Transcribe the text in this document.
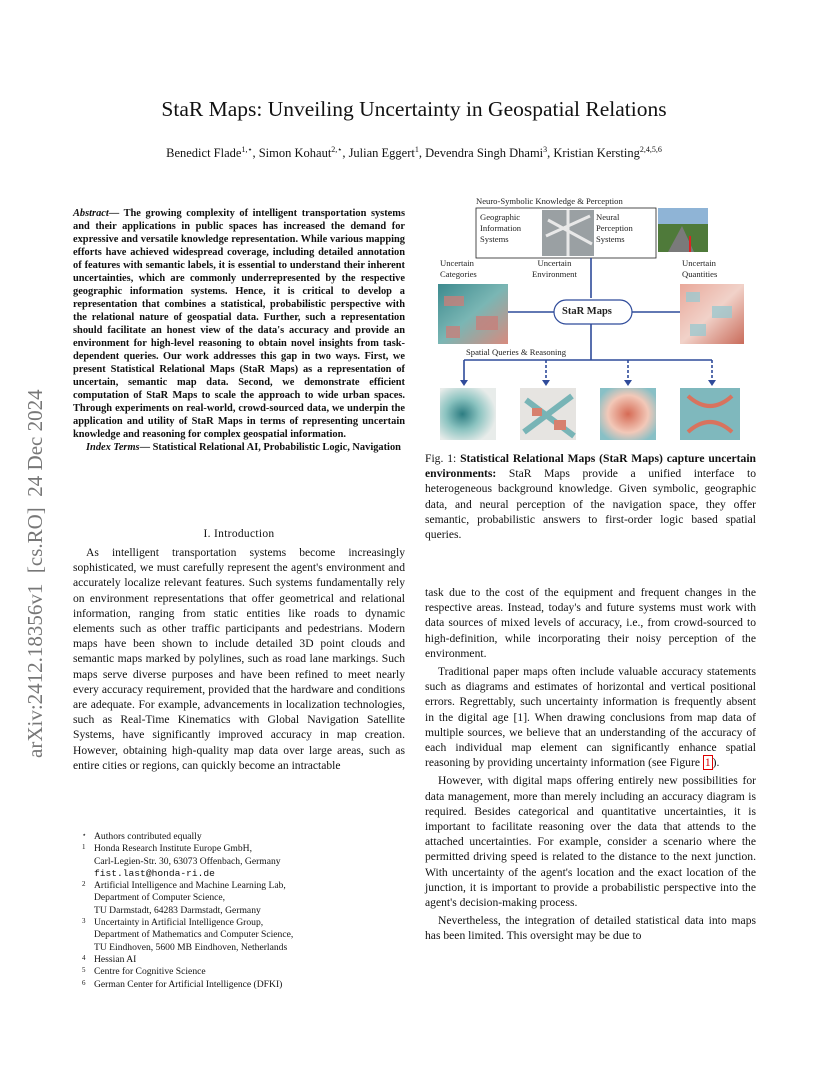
arXiv:2412.18356v1  [cs.RO]  24 Dec 2024
StaR Maps: Unveiling Uncertainty in Geospatial Relations
Benedict Flade$^{1,⋆}$, Simon Kohaut$^{2,⋆}$, Julian Eggert$^1$, Devendra Singh Dhami$^3$, Kristian Kersting$^{2,4,5,6}$
Abstract— The growing complexity of intelligent transportation systems and their applications in public spaces has increased the demand for expressive and versatile knowledge representation. While various mapping efforts have achieved widespread coverage, including detailed annotation of features with semantic labels, it is essential to understand their inherent uncertainties, which are commonly underrepresented by the respective geographic information systems. Hence, it is critical to develop a representation that combines a statistical, probabilistic perspective with the relational nature of geospatial data. Further, such a representation should facilitate an honest view of the data's accuracy and provide an environment for high-level reasoning to obtain novel insights from task-dependent queries. Our work addresses this gap in two ways. First, we present Statistical Relational Maps (StaR Maps) as a representation of uncertain, semantic map data. Second, we demonstrate efficient computation of StaR Maps to scale the approach to wide urban spaces. Through experiments on real-world, crowd-sourced data, we underpin the application and utility of StaR Maps in terms of representing uncertain knowledge and reasoning for complex geospatial information.
Index Terms— Statistical Relational AI, Probabilistic Logic, Navigation
I. Introduction

As intelligent transportation systems become increasingly sophisticated, we must carefully represent the agent's environment and accurately localize relevant features. Such systems fundamentally rely on environment representations that offer geometrical and relational information, ranging from static entities like roads to dynamic elements such as other traffic participants and pedestrians. Modern maps have been shown to include detailed 3D point clouds and semantic maps marked by polylines, such as road lane markings. Such maps serve diverse purposes and have been refined to meet nearly every accuracy requirement, provided that the hardware and conditions are adequate. For example, advancements in localization technologies, such as Real-Time Kinematics with Global Navigation Satellite Systems, have significantly improved accuracy in map creation. However, obtaining high-quality map data over large areas, such as entire cities or regions, can quickly become an intractable

⋆ Authors contributed equally
1 Honda Research Institute Europe GmbH,
Carl-Legien-Str. 30, 63073 Offenbach, Germany
fist.last@honda-ri.de
2 Artificial Intelligence and Machine Learning Lab,
Department of Computer Science,
TU Darmstadt, 64283 Darmstadt, Germany
3 Uncertainty in Artificial Intelligence Group,
Department of Mathematics and Computer Science,
TU Eindhoven, 5600 MB Eindhoven, Netherlands
4 Hessian AI
5 Centre for Cognitive Science
6 German Center for Artificial Intelligence (DFKI)
Neuro-Symbolic Knowledge & Perception
Geographic
Information
Systems
Neural
Perception
Systems
Uncertain
Categories
Uncertain
Environment
Uncertain
Quantities
StaR Maps
Spatial Queries & Reasoning
Fig. 1: Statistical Relational Maps (StaR Maps) capture uncertain environments: StaR Maps provide a unified interface to heterogeneous background knowledge. Given symbolic, geographic data, and neural perception of the navigation space, they offer semantic, probabilistic answers to first-order logic based spatial queries.

task due to the cost of the equipment and frequent changes in the respective areas. Instead, today's and future systems must work with data sources of mixed levels of accuracy, i.e., from crowd-sourced to high-definition, while incorporating their noisy perception of the environment.

Traditional paper maps often include valuable accuracy statements such as diagrams and estimates of horizontal and vertical positional errors. Regrettably, such uncertainty information is frequently absent in the digital age [1]. When drawing conclusions from map data of multiple sources, we believe that an understanding of the accuracy of each individual map element can significantly enhance spatial reasoning by providing uncertainty information (see Figure 1 ).

However, with digital maps offering entirely new possibilities for data management, more than merely including an accuracy diagram is required. Besides categorical and quantitative uncertainties, it is important to facilitate reasoning over the data that attends to the attached uncertainties. For example, consider a scenario where the permitted driving speed is related to the distance to the next junction. With uncertainty of the agent's location and the exact location of the junction, it is important to provide a probabilistic perspective into the agent's decision-making process.

Nevertheless, the integration of detailed statistical data into maps has been limited. This oversight may be due to
